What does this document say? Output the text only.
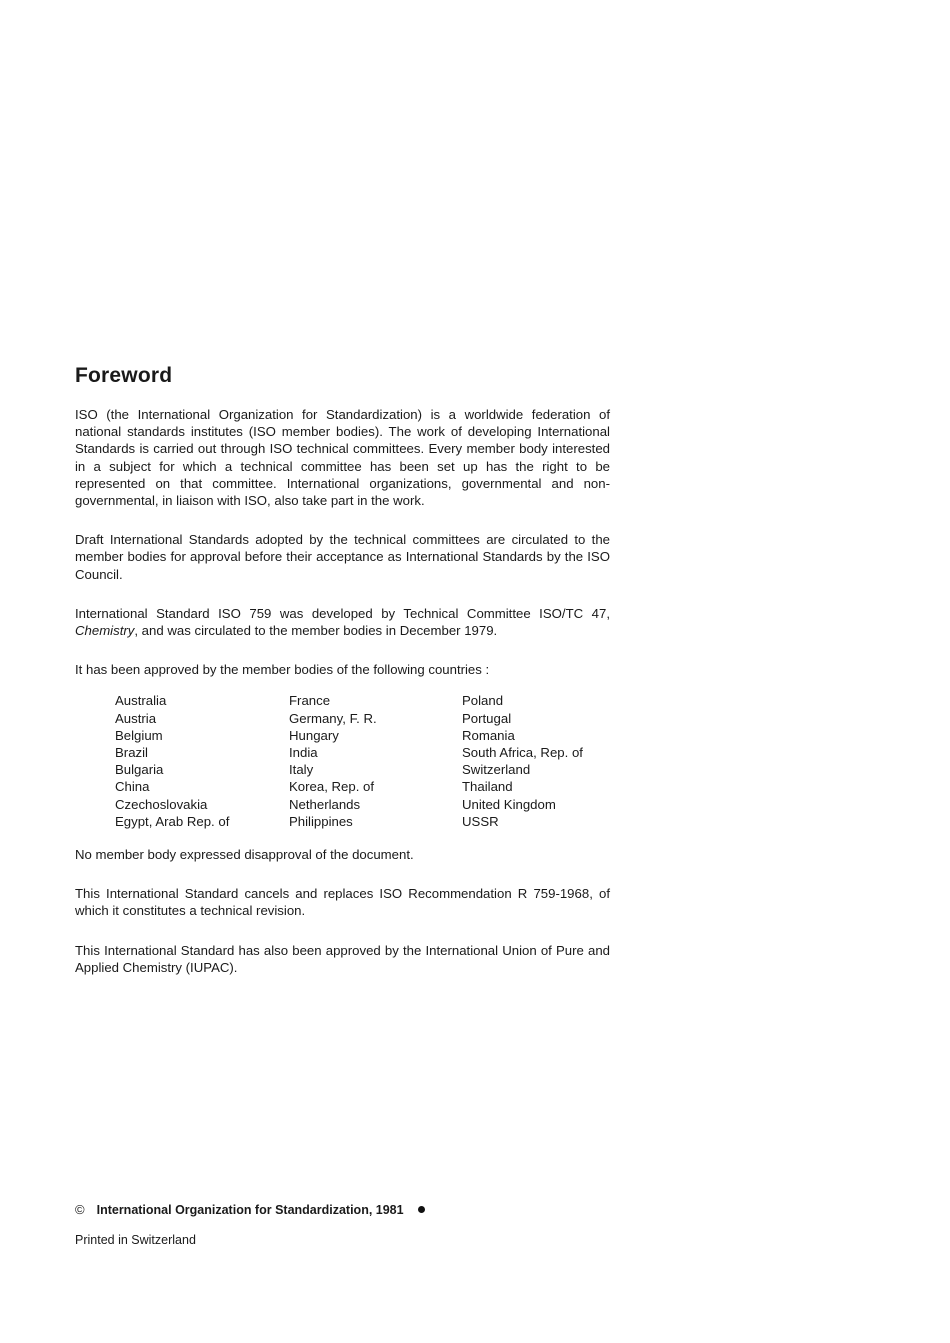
Foreword

ISO (the International Organization for Standardization) is a worldwide federation of national standards institutes (ISO member bodies). The work of developing International Standards is carried out through ISO technical committees. Every member body interested in a subject for which a technical committee has been set up has the right to be represented on that committee. International organizations, governmental and non-governmental, in liaison with ISO, also take part in the work.

Draft International Standards adopted by the technical committees are circulated to the member bodies for approval before their acceptance as International Standards by the ISO Council.

International Standard ISO 759 was developed by Technical Committee ISO/TC 47, Chemistry, and was circulated to the member bodies in December 1979.

It has been approved by the member bodies of the following countries :

Australia
Austria
Belgium
Brazil
Bulgaria
China
Czechoslovakia
Egypt, Arab Rep. of
France
Germany, F. R.
Hungary
India
Italy
Korea, Rep. of
Netherlands
Philippines
Poland
Portugal
Romania
South Africa, Rep. of
Switzerland
Thailand
United Kingdom
USSR

No member body expressed disapproval of the document.

This International Standard cancels and replaces ISO Recommendation R 759-1968, of which it constitutes a technical revision.

This International Standard has also been approved by the International Union of Pure and Applied Chemistry (IUPAC).

© International Organization for Standardization, 1981
Printed in Switzerland
